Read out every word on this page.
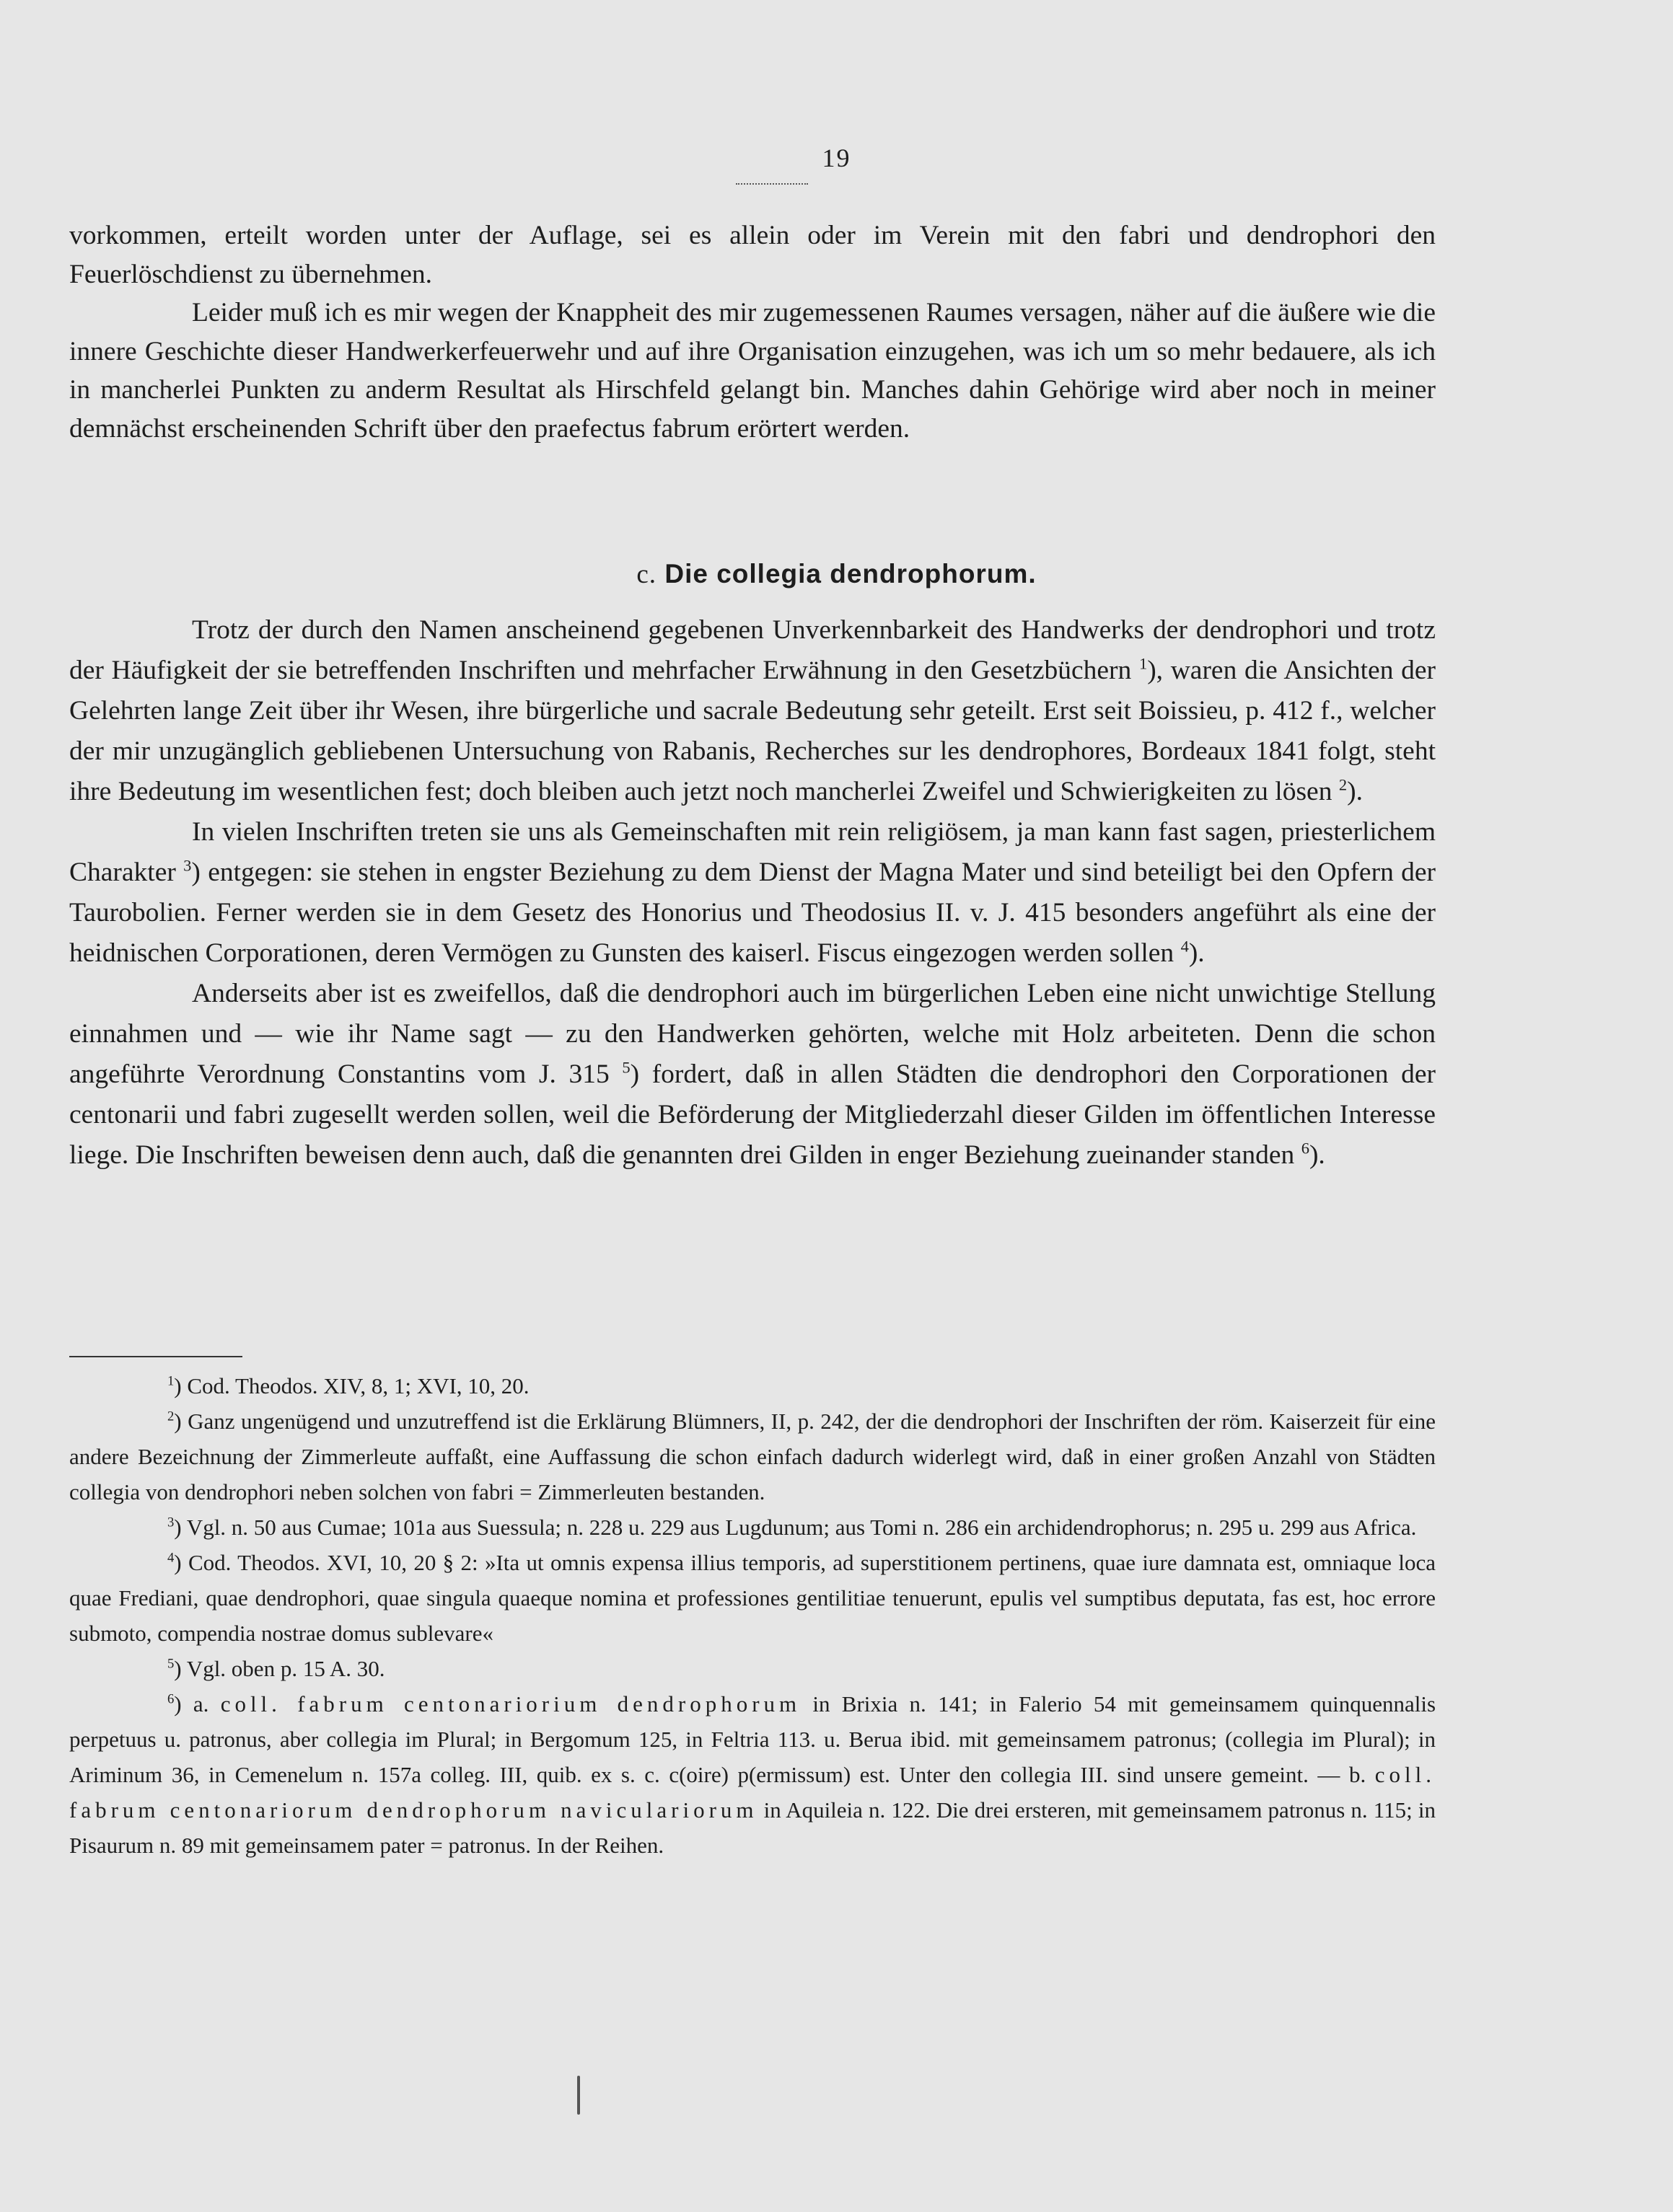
19

vorkommen, erteilt worden unter der Auflage, sei es allein oder im Verein mit den fabri und dendrophori den Feuerlöschdienst zu übernehmen.

Leider muß ich es mir wegen der Knappheit des mir zugemessenen Raumes versagen, näher auf die äußere wie die innere Geschichte dieser Handwerkerfeuerwehr und auf ihre Organisation einzugehen, was ich um so mehr bedauere, als ich in mancherlei Punkten zu anderm Resultat als Hirschfeld gelangt bin. Manches dahin Gehörige wird aber noch in meiner demnächst erscheinenden Schrift über den praefectus fabrum erörtert werden.

c. Die collegia dendrophorum.

Trotz der durch den Namen anscheinend gegebenen Unverkennbarkeit des Handwerks der dendrophori und trotz der Häufigkeit der sie betreffenden Inschriften und mehrfacher Erwähnung in den Gesetzbüchern $^1$), waren die Ansichten der Gelehrten lange Zeit über ihr Wesen, ihre bürgerliche und sacrale Bedeutung sehr geteilt. Erst seit Boissieu, p. 412 f., welcher der mir unzugänglich gebliebenen Untersuchung von Rabanis, Recherches sur les dendrophores, Bordeaux 1841 folgt, steht ihre Bedeutung im wesentlichen fest; doch bleiben auch jetzt noch mancherlei Zweifel und Schwierigkeiten zu lösen $^2$).

In vielen Inschriften treten sie uns als Gemeinschaften mit rein religiösem, ja man kann fast sagen, priesterlichem Charakter $^3$) entgegen: sie stehen in engster Beziehung zu dem Dienst der Magna Mater und sind beteiligt bei den Opfern der Taurobolien. Ferner werden sie in dem Gesetz des Honorius und Theodosius II. v. J. 415 besonders angeführt als eine der heidnischen Corporationen, deren Vermögen zu Gunsten des kaiserl. Fiscus eingezogen werden sollen $^4$).

Anderseits aber ist es zweifellos, daß die dendrophori auch im bürgerlichen Leben eine nicht unwichtige Stellung einnahmen und — wie ihr Name sagt — zu den Handwerken gehörten, welche mit Holz arbeiteten. Denn die schon angeführte Verordnung Constantins vom J. 315 $^5$) fordert, daß in allen Städten die dendrophori den Corporationen der centonarii und fabri zugesellt werden sollen, weil die Beförderung der Mitgliederzahl dieser Gilden im öffentlichen Interesse liege. Die Inschriften beweisen denn auch, daß die genannten drei Gilden in enger Beziehung zueinander standen $^6$).

$^1$) Cod. Theodos. XIV, 8, 1; XVI, 10, 20.

$^2$) Ganz ungenügend und unzutreffend ist die Erklärung Blümners, II, p. 242, der die dendrophori der Inschriften der röm. Kaiserzeit für eine andere Bezeichnung der Zimmerleute auffaßt, eine Auffassung die schon einfach dadurch widerlegt wird, daß in einer großen Anzahl von Städten collegia von dendrophori neben solchen von fabri = Zimmerleuten bestanden.

$^3$) Vgl. n. 50 aus Cumae; 101a aus Suessula; n. 228 u. 229 aus Lugdunum; aus Tomi n. 286 ein archidendrophorus; n. 295 u. 299 aus Africa.

$^4$) Cod. Theodos. XVI, 10, 20 § 2: »Ita ut omnis expensa illius temporis, ad superstitionem pertinens, quae iure damnata est, omniaque loca quae Frediani, quae dendrophori, quae singula quaeque nomina et professiones gentilitiae tenuerunt, epulis vel sumptibus deputata, fas est, hoc errore submoto, compendia nostrae domus sublevare«

$^5$) Vgl. oben p. 15 A. 30.

$^6$) a. coll. fabrum centonariorium dendrophorum in Brixia n. 141; in Falerio 54 mit gemeinsamem quinquennalis perpetuus u. patronus, aber collegia im Plural; in Bergomum 125, in Feltria 113. u. Berua ibid. mit gemeinsamem patronus; (collegia im Plural); in Ariminum 36, in Cemenelum n. 157a colleg. III, quib. ex s. c. c(oire) p(ermissum) est. Unter den collegia III. sind unsere gemeint. — b. coll. fabrum centonariorum dendrophorum naviculariorum in Aquileia n. 122. Die drei ersteren, mit gemeinsamem patronus n. 115; in Pisaurum n. 89 mit gemeinsamem pater = patronus. In der Reihen.
